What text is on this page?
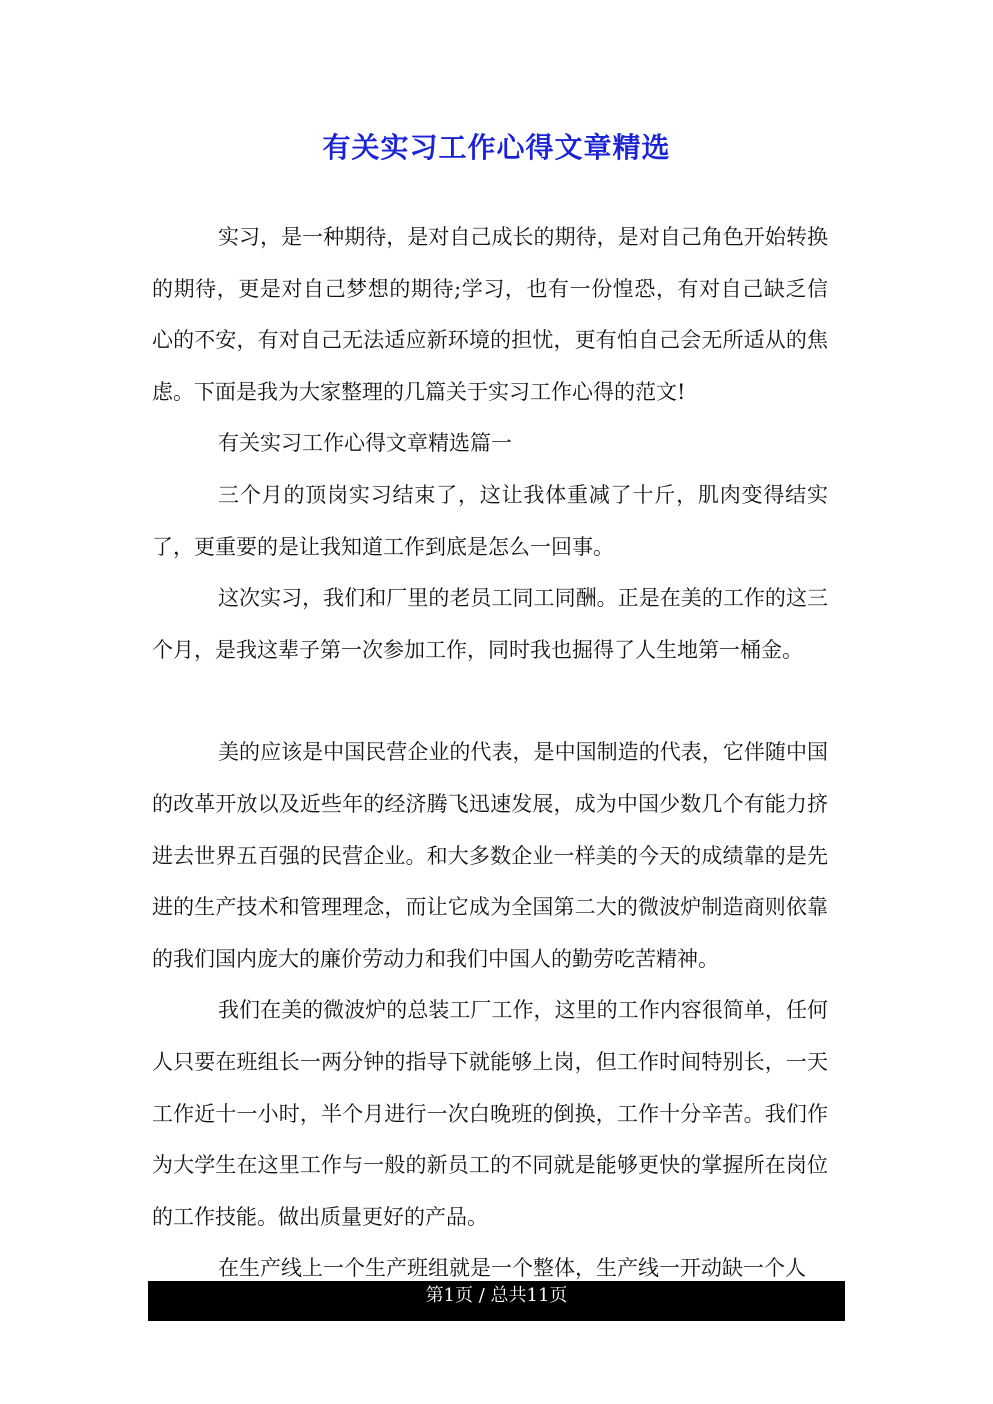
有关实习工作心得文章精选

实习，是一种期待，是对自己成长的期待，是对自己角色开始转换的期待，更是对自己梦想的期待;学习，也有一份惶恐，有对自己缺乏信心的不安，有对自己无法适应新环境的担忧，更有怕自己会无所适从的焦虑。下面是我为大家整理的几篇关于实习工作心得的范文!

有关实习工作心得文章精选篇一

三个月的顶岗实习结束了，这让我体重减了十斤，肌肉变得结实了，更重要的是让我知道工作到底是怎么一回事。

这次实习，我们和厂里的老员工同工同酬。正是在美的工作的这三个月，是我这辈子第一次参加工作，同时我也掘得了人生地第一桶金。

美的应该是中国民营企业的代表，是中国制造的代表，它伴随中国的改革开放以及近些年的经济腾飞迅速发展，成为中国少数几个有能力挤进去世界五百强的民营企业。和大多数企业一样美的今天的成绩靠的是先进的生产技术和管理理念，而让它成为全国第二大的微波炉制造商则依靠的我们国内庞大的廉价劳动力和我们中国人的勤劳吃苦精神。

我们在美的微波炉的总装工厂工作，这里的工作内容很简单，任何人只要在班组长一两分钟的指导下就能够上岗，但工作时间特别长，一天工作近十一小时，半个月进行一次白晚班的倒换，工作十分辛苦。我们作为大学生在这里工作与一般的新员工的不同就是能够更快的掌握所在岗位的工作技能。做出质量更好的产品。

在生产线上一个生产班组就是一个整体，生产线一开动缺一个人

第1页 / 总共11页
